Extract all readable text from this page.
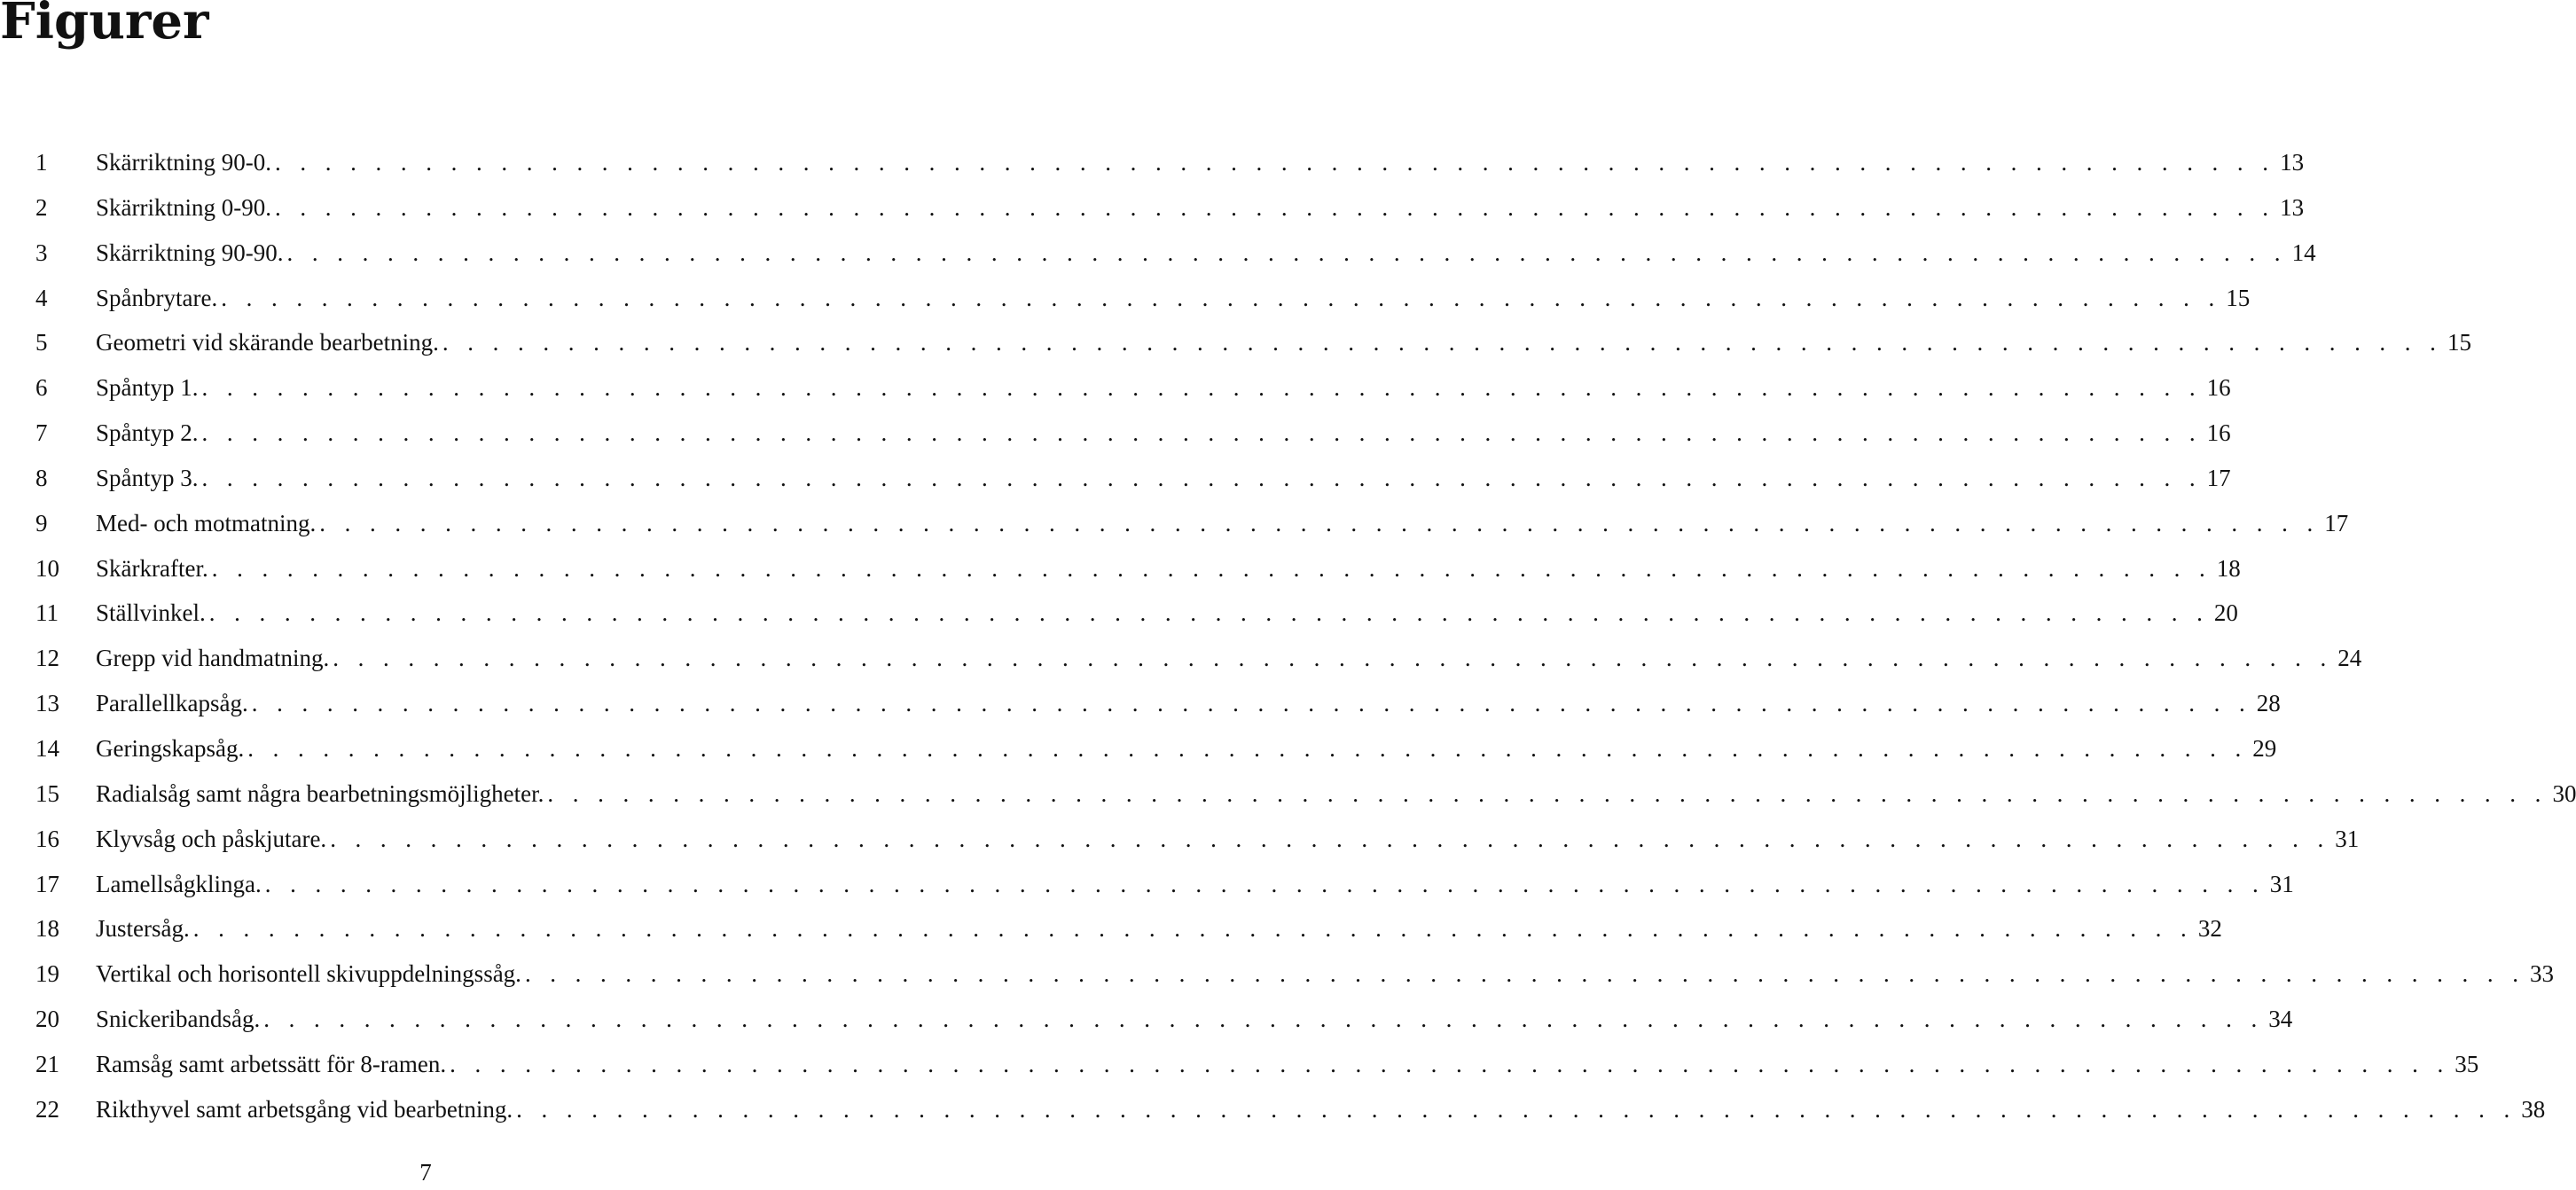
Figurer
1	Skärriktning 90-0. .    .    .    .    .    .    .    .    .    .    .    .    .    .    .    .    .    .    .    .    .    .    .    .    .    .    .    .    .    .    .    .    .    .    .    .    .    .    .    .    .    .    .    .    .    .    .    .    .    .    .    .    .    .    .    .    .    .    .    .    .    .    .    .    .    .    .    .    .    .    .    .    .    .    .    .    .    .    .    . 13
2	Skärriktning 0-90. .    .    .    .    .    .    .    .    .    .    .    .    .    .    .    .    .    .    .    .    .    .    .    .    .    .    .    .    .    .    .    .    .    .    .    .    .    .    .    .    .    .    .    .    .    .    .    .    .    .    .    .    .    .    .    .    .    .    .    .    .    .    .    .    .    .    .    .    .    .    .    .    .    .    .    .    .    .    .    . 13
3	Skärriktning 90-90. .    .    .    .    .    .    .    .    .    .    .    .    .    .    .    .    .    .    .    .    .    .    .    .    .    .    .    .    .    .    .    .    .    .    .    .    .    .    .    .    .    .    .    .    .    .    .    .    .    .    .    .    .    .    .    .    .    .    .    .    .    .    .    .    .    .    .    .    .    .    .    .    .    .    .    .    .    .    .    . 14
4	Spånbrytare. .    .    .    .    .    .    .    .    .    .    .    .    .    .    .    .    .    .    .    .    .    .    .    .    .    .    .    .    .    .    .    .    .    .    .    .    .    .    .    .    .    .    .    .    .    .    .    .    .    .    .    .    .    .    .    .    .    .    .    .    .    .    .    .    .    .    .    .    .    .    .    .    .    .    .    .    .    .    .    . 15
5	Geometri vid skärande bearbetning. .    .    .    .    .    .    .    .    .    .    .    .    .    .    .    .    .    .    .    .    .    .    .    .    .    .    .    .    .    .    .    .    .    .    .    .    .    .    .    .    .    .    .    .    .    .    .    .    .    .    .    .    .    .    .    .    .    .    .    .    .    .    .    .    .    .    .    .    .    .    .    .    .    .    .    .    .    .    .    . 15
6	Spåntyp 1. .    .    .    .    .    .    .    .    .    .    .    .    .    .    .    .    .    .    .    .    .    .    .    .    .    .    .    .    .    .    .    .    .    .    .    .    .    .    .    .    .    .    .    .    .    .    .    .    .    .    .    .    .    .    .    .    .    .    .    .    .    .    .    .    .    .    .    .    .    .    .    .    .    .    .    .    .    .    .    . 16
7	Spåntyp 2. .    .    .    .    .    .    .    .    .    .    .    .    .    .    .    .    .    .    .    .    .    .    .    .    .    .    .    .    .    .    .    .    .    .    .    .    .    .    .    .    .    .    .    .    .    .    .    .    .    .    .    .    .    .    .    .    .    .    .    .    .    .    .    .    .    .    .    .    .    .    .    .    .    .    .    .    .    .    .    . 16
8	Spåntyp 3. .    .    .    .    .    .    .    .    .    .    .    .    .    .    .    .    .    .    .    .    .    .    .    .    .    .    .    .    .    .    .    .    .    .    .    .    .    .    .    .    .    .    .    .    .    .    .    .    .    .    .    .    .    .    .    .    .    .    .    .    .    .    .    .    .    .    .    .    .    .    .    .    .    .    .    .    .    .    .    . 17
9	Med- och motmatning. .    .    .    .    .    .    .    .    .    .    .    .    .    .    .    .    .    .    .    .    .    .    .    .    .    .    .    .    .    .    .    .    .    .    .    .    .    .    .    .    .    .    .    .    .    .    .    .    .    .    .    .    .    .    .    .    .    .    .    .    .    .    .    .    .    .    .    .    .    .    .    .    .    .    .    .    .    .    .    . 17
10	Skärkrafter. .    .    .    .    .    .    .    .    .    .    .    .    .    .    .    .    .    .    .    .    .    .    .    .    .    .    .    .    .    .    .    .    .    .    .    .    .    .    .    .    .    .    .    .    .    .    .    .    .    .    .    .    .    .    .    .    .    .    .    .    .    .    .    .    .    .    .    .    .    .    .    .    .    .    .    .    .    .    .    . 18
11	Ställvinkel. .    .    .    .    .    .    .    .    .    .    .    .    .    .    .    .    .    .    .    .    .    .    .    .    .    .    .    .    .    .    .    .    .    .    .    .    .    .    .    .    .    .    .    .    .    .    .    .    .    .    .    .    .    .    .    .    .    .    .    .    .    .    .    .    .    .    .    .    .    .    .    .    .    .    .    .    .    .    .    . 20
12	Grepp vid handmatning. .    .    .    .    .    .    .    .    .    .    .    .    .    .    .    .    .    .    .    .    .    .    .    .    .    .    .    .    .    .    .    .    .    .    .    .    .    .    .    .    .    .    .    .    .    .    .    .    .    .    .    .    .    .    .    .    .    .    .    .    .    .    .    .    .    .    .    .    .    .    .    .    .    .    .    .    .    .    .    . 24
13	Parallellkapsåg. .    .    .    .    .    .    .    .    .    .    .    .    .    .    .    .    .    .    .    .    .    .    .    .    .    .    .    .    .    .    .    .    .    .    .    .    .    .    .    .    .    .    .    .    .    .    .    .    .    .    .    .    .    .    .    .    .    .    .    .    .    .    .    .    .    .    .    .    .    .    .    .    .    .    .    .    .    .    .    . 28
14	Geringskapsåg. .    .    .    .    .    .    .    .    .    .    .    .    .    .    .    .    .    .    .    .    .    .    .    .    .    .    .    .    .    .    .    .    .    .    .    .    .    .    .    .    .    .    .    .    .    .    .    .    .    .    .    .    .    .    .    .    .    .    .    .    .    .    .    .    .    .    .    .    .    .    .    .    .    .    .    .    .    .    .    . 29
15	Radialsåg samt några bearbetningsmöjligheter. .    .    .    .    .    .    .    .    .    .    .    .    .    .    .    .    .    .    .    .    .    .    .    .    .    .    .    .    .    .    .    .    .    .    .    .    .    .    .    .    .    .    .    .    .    .    .    .    .    .    .    .    .    .    .    .    .    .    .    .    .    .    .    .    .    .    .    .    .    .    .    .    .    .    .    .    .    .    .    . 30
16	Klyvsåg och påskjutare. .    .    .    .    .    .    .    .    .    .    .    .    .    .    .    .    .    .    .    .    .    .    .    .    .    .    .    .    .    .    .    .    .    .    .    .    .    .    .    .    .    .    .    .    .    .    .    .    .    .    .    .    .    .    .    .    .    .    .    .    .    .    .    .    .    .    .    .    .    .    .    .    .    .    .    .    .    .    .    . 31
17	Lamellsågklinga. .    .    .    .    .    .    .    .    .    .    .    .    .    .    .    .    .    .    .    .    .    .    .    .    .    .    .    .    .    .    .    .    .    .    .    .    .    .    .    .    .    .    .    .    .    .    .    .    .    .    .    .    .    .    .    .    .    .    .    .    .    .    .    .    .    .    .    .    .    .    .    .    .    .    .    .    .    .    .    . 31
18	Justersåg. .    .    .    .    .    .    .    .    .    .    .    .    .    .    .    .    .    .    .    .    .    .    .    .    .    .    .    .    .    .    .    .    .    .    .    .    .    .    .    .    .    .    .    .    .    .    .    .    .    .    .    .    .    .    .    .    .    .    .    .    .    .    .    .    .    .    .    .    .    .    .    .    .    .    .    .    .    .    .    . 32
19	Vertikal och horisontell skivuppdelningssåg. .    .    .    .    .    .    .    .    .    .    .    .    .    .    .    .    .    .    .    .    .    .    .    .    .    .    .    .    .    .    .    .    .    .    .    .    .    .    .    .    .    .    .    .    .    .    .    .    .    .    .    .    .    .    .    .    .    .    .    .    .    .    .    .    .    .    .    .    .    .    .    .    .    .    .    .    .    .    .    . 33
20	Snickeribandsåg. .    .    .    .    .    .    .    .    .    .    .    .    .    .    .    .    .    .    .    .    .    .    .    .    .    .    .    .    .    .    .    .    .    .    .    .    .    .    .    .    .    .    .    .    .    .    .    .    .    .    .    .    .    .    .    .    .    .    .    .    .    .    .    .    .    .    .    .    .    .    .    .    .    .    .    .    .    .    .    . 34
21	Ramsåg samt arbetssätt för 8-ramen. .    .    .    .    .    .    .    .    .    .    .    .    .    .    .    .    .    .    .    .    .    .    .    .    .    .    .    .    .    .    .    .    .    .    .    .    .    .    .    .    .    .    .    .    .    .    .    .    .    .    .    .    .    .    .    .    .    .    .    .    .    .    .    .    .    .    .    .    .    .    .    .    .    .    .    .    .    .    .    . 35
22	Rikthyvel samt arbetsgång vid bearbetning. .    .    .    .    .    .    .    .    .    .    .    .    .    .    .    .    .    .    .    .    .    .    .    .    .    .    .    .    .    .    .    .    .    .    .    .    .    .    .    .    .    .    .    .    .    .    .    .    .    .    .    .    .    .    .    .    .    .    .    .    .    .    .    .    .    .    .    .    .    .    .    .    .    .    .    .    .    .    .    . 38
7
